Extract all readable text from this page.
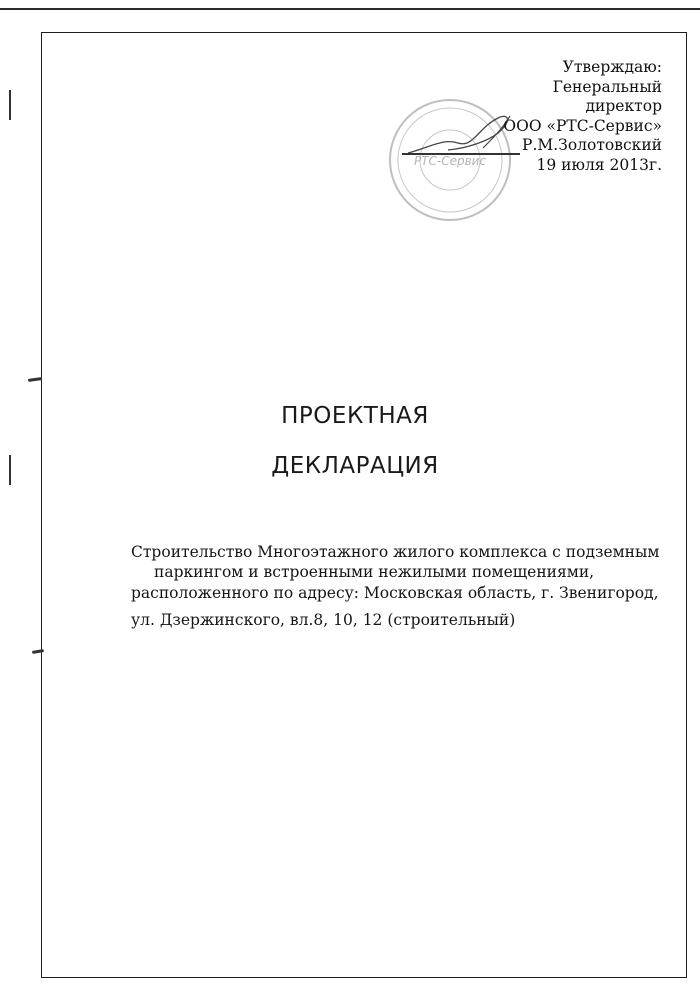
РТС-Сервис
Утверждаю:
Генеральный
директор
ООО «РТС-Сервис»
Р.М.Золотовский
19 июля 2013г.
ПРОЕКТНАЯ
ДЕКЛАРАЦИЯ
Строительство Многоэтажного жилого комплекса с подземным
паркингом и встроенными нежилыми помещениями,
расположенного по адресу: Московская область, г. Звенигород,
ул. Дзержинского, вл.8, 10, 12 (строительный)
